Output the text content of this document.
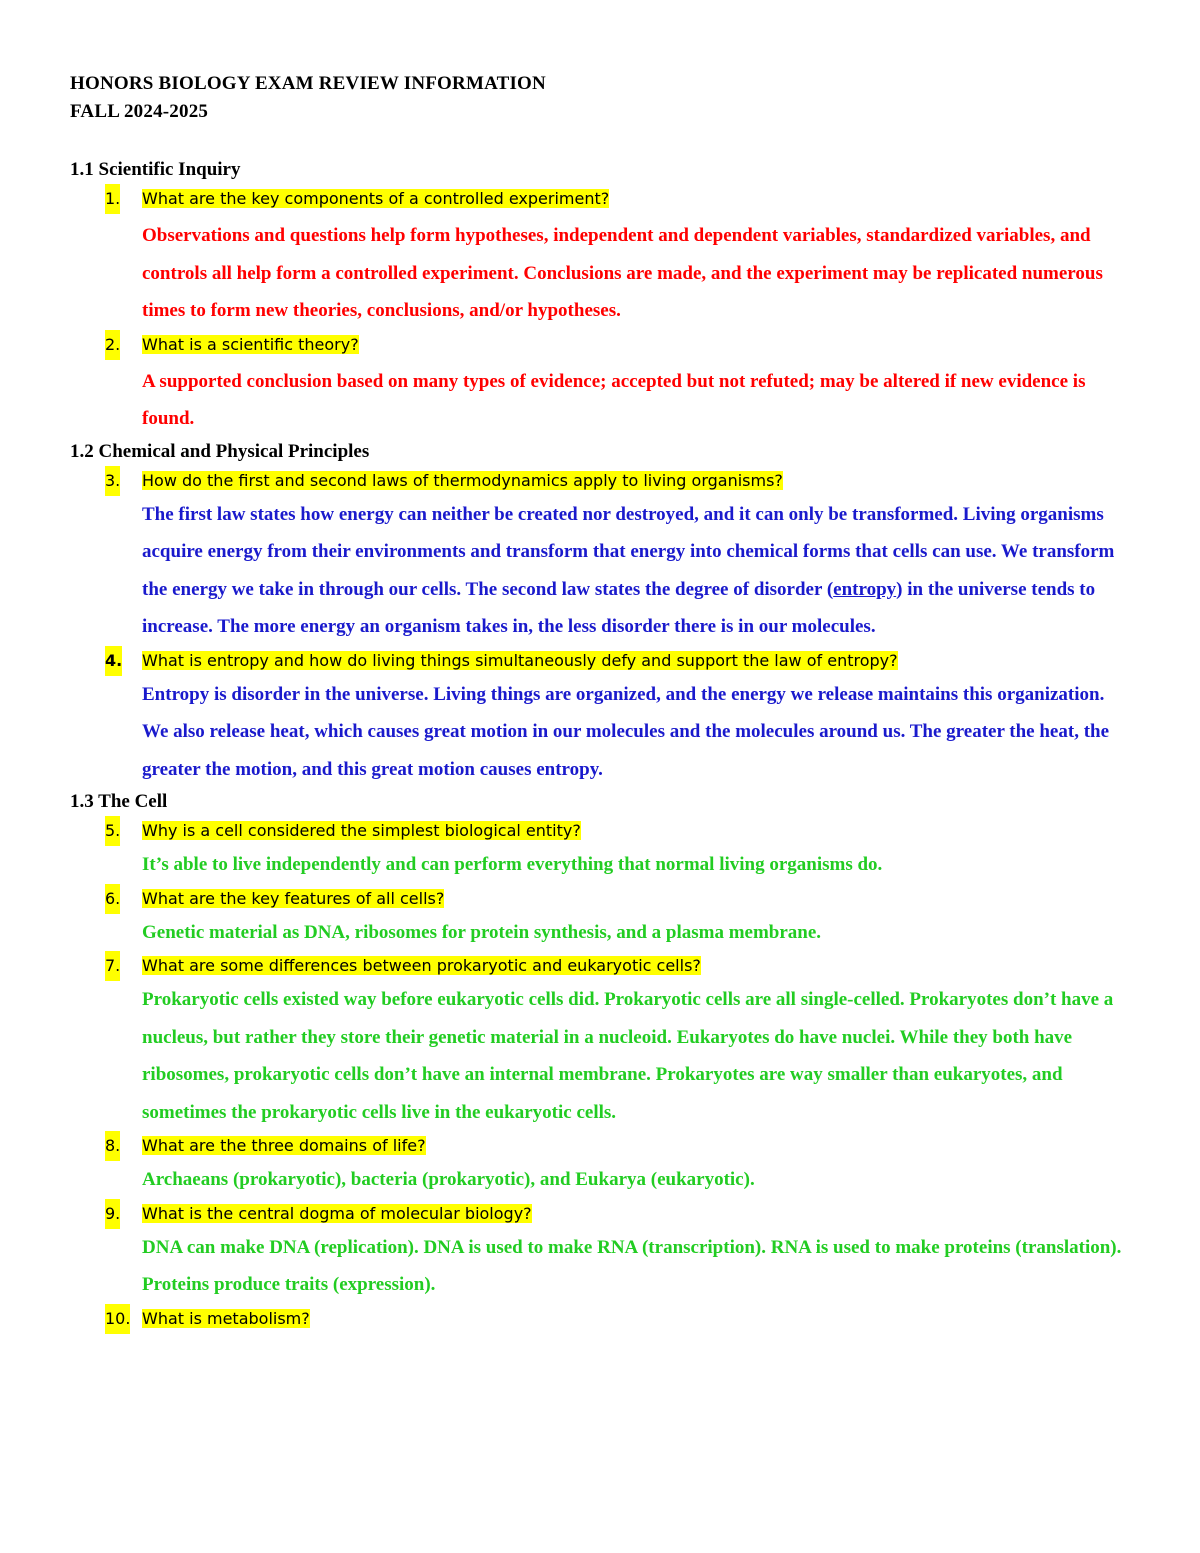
HONORS BIOLOGY EXAM REVIEW INFORMATION

FALL 2024-2025

1.1 Scientific Inquiry

1. What are the key components of a controlled experiment?

Observations and questions help form hypotheses, independent and dependent variables, standardized variables, and controls all help form a controlled experiment. Conclusions are made, and the experiment may be replicated numerous times to form new theories, conclusions, and/or hypotheses.

2. What is a scientific theory?

A supported conclusion based on many types of evidence; accepted but not refuted; may be altered if new evidence is found.

1.2 Chemical and Physical Principles

3. How do the first and second laws of thermodynamics apply to living organisms?

The first law states how energy can neither be created nor destroyed, and it can only be transformed. Living organisms acquire energy from their environments and transform that energy into chemical forms that cells can use. We transform the energy we take in through our cells. The second law states the degree of disorder (entropy) in the universe tends to increase. The more energy an organism takes in, the less disorder there is in our molecules.

4. What is entropy and how do living things simultaneously defy and support the law of entropy?

Entropy is disorder in the universe. Living things are organized, and the energy we release maintains this organization. We also release heat, which causes great motion in our molecules and the molecules around us. The greater the heat, the greater the motion, and this great motion causes entropy.

1.3 The Cell

5. Why is a cell considered the simplest biological entity?

It’s able to live independently and can perform everything that normal living organisms do.

6. What are the key features of all cells?

Genetic material as DNA, ribosomes for protein synthesis, and a plasma membrane.

7. What are some differences between prokaryotic and eukaryotic cells?

Prokaryotic cells existed way before eukaryotic cells did. Prokaryotic cells are all single-celled. Prokaryotes don’t have a nucleus, but rather they store their genetic material in a nucleoid. Eukaryotes do have nuclei. While they both have ribosomes, prokaryotic cells don’t have an internal membrane. Prokaryotes are way smaller than eukaryotes, and sometimes the prokaryotic cells live in the eukaryotic cells.

8. What are the three domains of life?

Archaeans (prokaryotic), bacteria (prokaryotic), and Eukarya (eukaryotic).

9. What is the central dogma of molecular biology?

DNA can make DNA (replication). DNA is used to make RNA (transcription). RNA is used to make proteins (translation). Proteins produce traits (expression).

10. What is metabolism?
